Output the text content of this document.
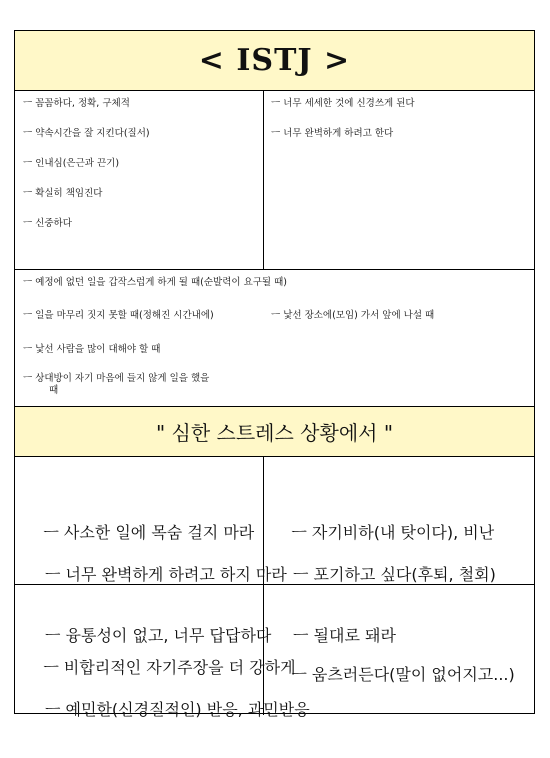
< ISTJ >
ㅡ 꼼꼼하다, 정확, 구체적
ㅡ 약속시간을 잘 지킨다(질서)
ㅡ 인내심(은근과 끈기)
ㅡ 확실히 책임진다
ㅡ 신중하다
ㅡ 너무 세세한 것에 신경쓰게 된다
ㅡ 너무 완벽하게 하려고 한다
ㅡ 예정에 없던 일을 갑작스럽게 하게 될 때(순발력이 요구될 때)
ㅡ 일을 마무리 짓지 못할 때(정해진 시간내에)	ㅡ 낯선 장소에(모임) 가서 앞에 나설 때
ㅡ 낯선 사람을 많이 대해야 할 때
ㅡ 상대방이 자기 마음에 들지 않게 일을 했을
때
" 심한 스트레스 상황에서 "

ㅡ 사소한 일에 목숨 걸지 마라

ㅡ 너무 완벽하게 하려고 하지 마라

ㅡ 융통성이 없고, 너무 답답하다

ㅡ 자기비하(내 탓이다), 비난

ㅡ 포기하고 싶다(후퇴, 철회)

ㅡ 될대로 돼라

ㅡ 비합리적인 자기주장을 더 강하게

ㅡ 예민한(신경질적인) 반응, 과민반응

ㅡ 움츠러든다(말이 없어지고...)
